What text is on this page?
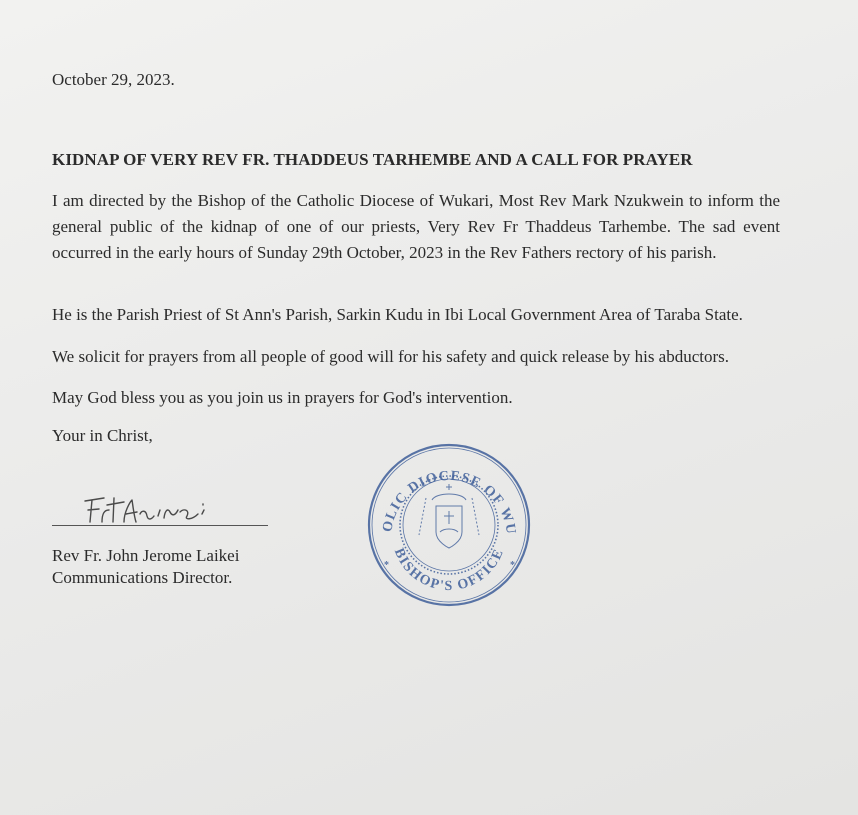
October 29, 2023.
KIDNAP OF VERY REV FR. THADDEUS TARHEMBE AND A CALL FOR PRAYER

I am directed by the Bishop of the Catholic Diocese of Wukari, Most Rev Mark Nzukwein to inform the general public of the kidnap of one of our priests, Very Rev Fr Thaddeus Tarhembe. The sad event occurred in the early hours of Sunday 29th October, 2023 in the Rev Fathers rectory of his parish.

He is the Parish Priest of St Ann's Parish, Sarkin Kudu in Ibi Local Government Area of Taraba State.

We solicit for prayers from all people of good will for his safety and quick release by his abductors.

May God bless you as you join us in prayers for God's intervention.

Your in Christ,
Rev Fr. John Jerome Laikei
Communications Director.
OLIC DIOCESE OF WU
BISHOP'S OFFICE
*	*
